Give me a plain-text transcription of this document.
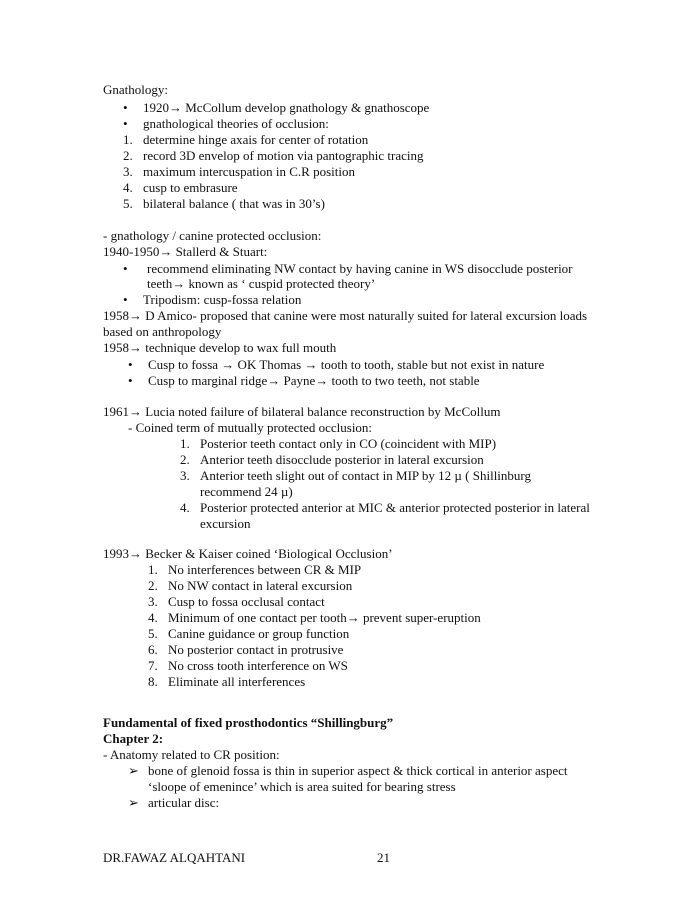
Gnathology:
• 1920→ McCollum develop gnathology & gnathoscope
• gnathological theories of occlusion:
1. determine hinge axais for center of rotation
2. record 3D envelop of motion via pantographic tracing
3. maximum intercuspation in C.R position
4. cusp to embrasure
5. bilateral balance ( that was in 30’s)
- gnathology / canine protected occlusion:
1940-1950→ Stallerd & Stuart:
• recommend eliminating NW contact by having canine in WS disocclude posterior
teeth→ known as ‘ cuspid protected theory’
• Tripodism: cusp-fossa relation
1958→ D Amico- proposed that canine were most naturally suited for lateral excursion loads
based on anthropology
1958→ technique develop to wax full mouth
• Cusp to fossa → OK Thomas → tooth to tooth, stable but not exist in nature
• Cusp to marginal ridge→ Payne→ tooth to two teeth, not stable
1961→ Lucia noted failure of bilateral balance reconstruction by McCollum
- Coined term of mutually protected occlusion:
1. Posterior teeth contact only in CO (coincident with MIP)
2. Anterior teeth disocclude posterior in lateral excursion
3. Anterior teeth slight out of contact in MIP by 12 µ ( Shillinburg
recommend 24 µ)
4. Posterior protected anterior at MIC & anterior protected posterior in lateral
excursion
1993→ Becker & Kaiser coined ‘Biological Occlusion’
1. No interferences between CR & MIP
2. No NW contact in lateral excursion
3. Cusp to fossa occlusal contact
4. Minimum of one contact per tooth→ prevent super-eruption
5. Canine guidance or group function
6. No posterior contact in protrusive
7. No cross tooth interference on WS
8. Eliminate all interferences
Fundamental of fixed prosthodontics “Shillingburg”
Chapter 2:
- Anatomy related to CR position:
➢ bone of glenoid fossa is thin in superior aspect & thick cortical in anterior aspect
‘sloope of emenince’ which is area suited for bearing stress
➢ articular disc:
DR.FAWAZ ALQAHTANI	21
